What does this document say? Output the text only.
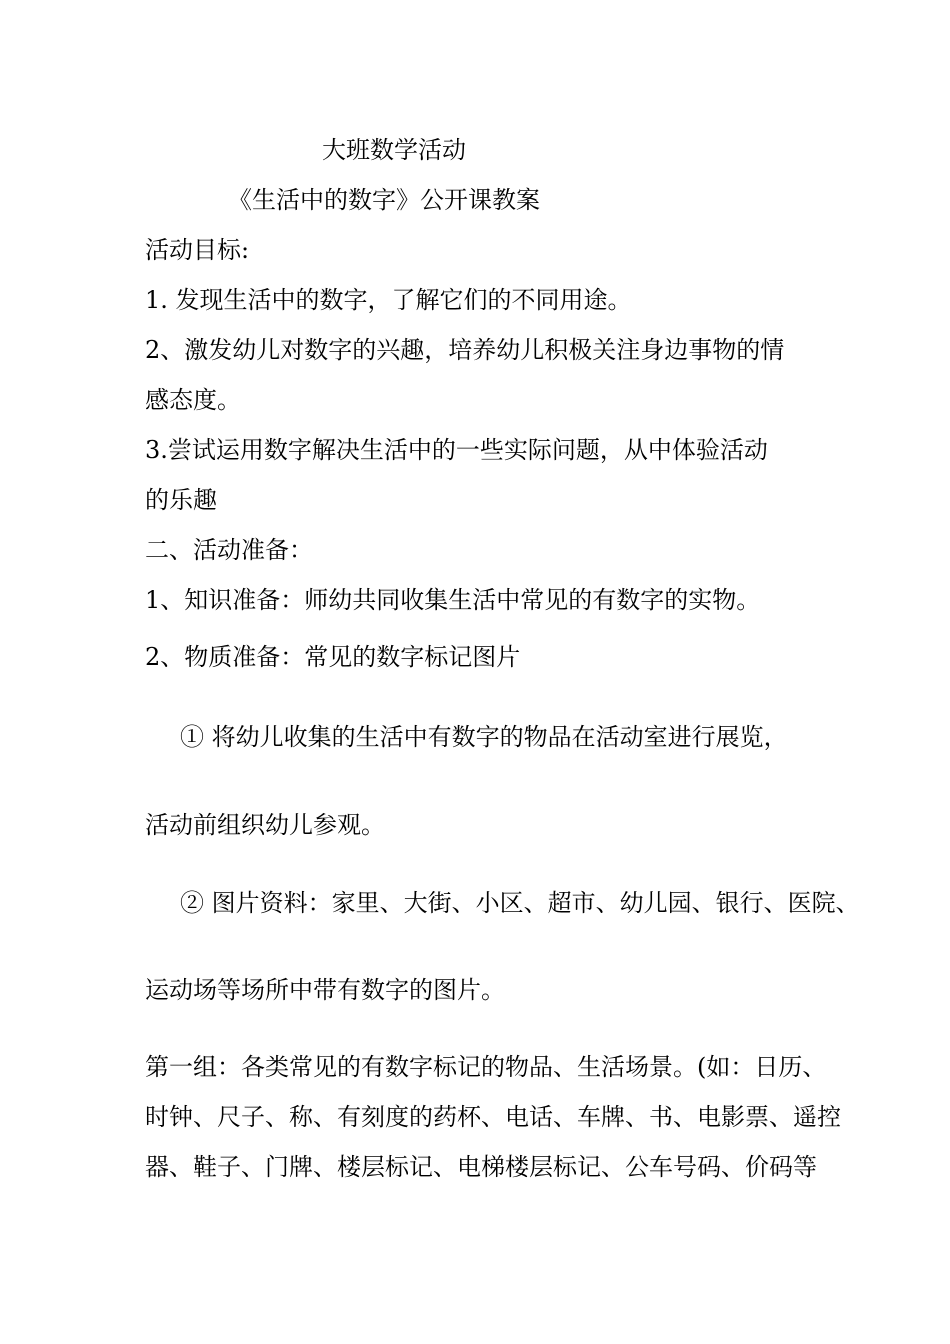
大班数学活动
《生活中的数字》公开课教案
活动目标:
1. 发现生活中的数字，了解它们的不同用途。
2、激发幼儿对数字的兴趣，培养幼儿积极关注身边事物的情
感态度。
3.尝试运用数字解决生活中的一些实际问题，从中体验活动
的乐趣
二、活动准备：
1、知识准备：师幼共同收集生活中常见的有数字的实物。
2、物质准备：常见的数字标记图片
① 将幼儿收集的生活中有数字的物品在活动室进行展览，
活动前组织幼儿参观。
② 图片资料：家里、大街、小区、超市、幼儿园、银行、医院、
运动场等场所中带有数字的图片。
第一组：各类常见的有数字标记的物品、生活场景。(如：日历、
时钟、尺子、称、有刻度的药杯、电话、车牌、书、电影票、遥控
器、鞋子、门牌、楼层标记、电梯楼层标记、公车号码、价码等
